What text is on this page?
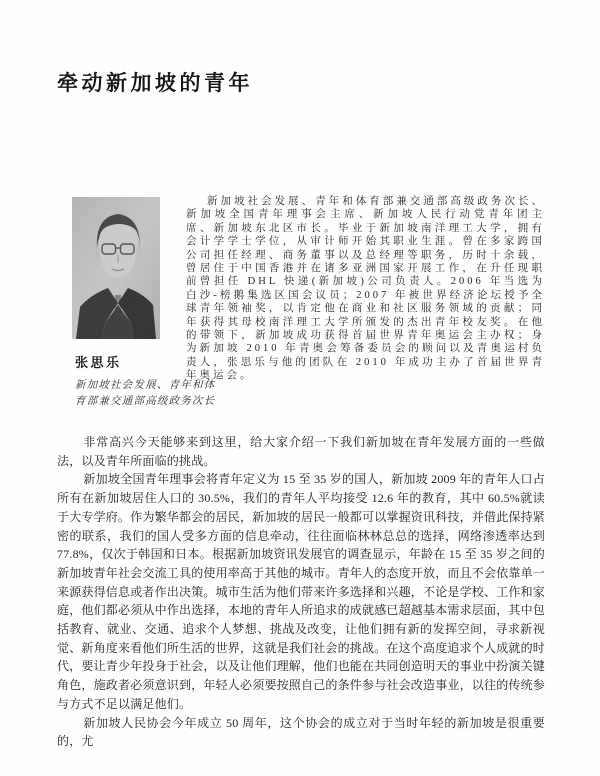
牵动新加坡的青年
张思乐
新加坡社会发展、青年和体
育部兼交通部高级政务次长

新加坡社会发展、青年和体育部兼交通部高级政务次长、新加坡全国青年理事会主席、新加坡人民行动党青年团主席、新加坡东北区市长。毕业于新加坡南洋理工大学，拥有会计学学士学位，从审计师开始其职业生涯。曾在多家跨国公司担任经理、商务董事以及总经理等职务，历时十余载，曾居住于中国香港并在诸多亚洲国家开展工作，在升任现职前曾担任 DHL 快递(新加坡)公司负责人。2006 年当选为白沙-榜鹅集选区国会议员；2007 年被世界经济论坛授予全球青年领袖奖，以肯定他在商业和社区服务领域的贡献；同年获得其母校南洋理工大学所颁发的杰出青年校友奖。在他的带领下，新加坡成功获得首届世界青年奥运会主办权；身为新加坡 2010 年青奥会筹备委员会的顾问以及青奥运村负责人，张思乐与他的团队在 2010 年成功主办了首届世界青年奥运会。

非常高兴今天能够来到这里，给大家介绍一下我们新加坡在青年发展方面的一些做法，以及青年所面临的挑战。

新加坡全国青年理事会将青年定义为 15 至 35 岁的国人，新加坡 2009 年的青年人口占所有在新加坡居住人口的 30.5%，我们的青年人平均接受 12.6 年的教育，其中 60.5%就读于大专学府。作为繁华都会的居民，新加坡的居民一般都可以掌握资讯科技，并借此保持紧密的联系，我们的国人受多方面的信息牵动，往往面临林林总总的选择，网络渗透率达到 77.8%，仅次于韩国和日本。根据新加坡资讯发展官的调查显示，年龄在 15 至 35 岁之间的新加坡青年社会交流工具的使用率高于其他的城市。青年人的态度开放，而且不会依靠单一来源获得信息或者作出决策。城市生活为他们带来许多选择和兴趣，不论是学校、工作和家庭，他们都必须从中作出选择，本地的青年人所追求的成就感已超越基本需求层面，其中包括教育、就业、交通、追求个人梦想、挑战及改变，让他们拥有新的发挥空间，寻求新视觉、新角度来看他们所生活的世界，这就是我们社会的挑战。在这个高度追求个人成就的时代，要让青少年投身于社会，以及让他们理解，他们也能在共同创造明天的事业中扮演关键角色，施政者必须意识到，年轻人必须要按照自己的条件参与社会改造事业，以往的传统参与方式不足以满足他们。

新加坡人民协会今年成立 50 周年，这个协会的成立对于当时年轻的新加坡是很重要的，尤
